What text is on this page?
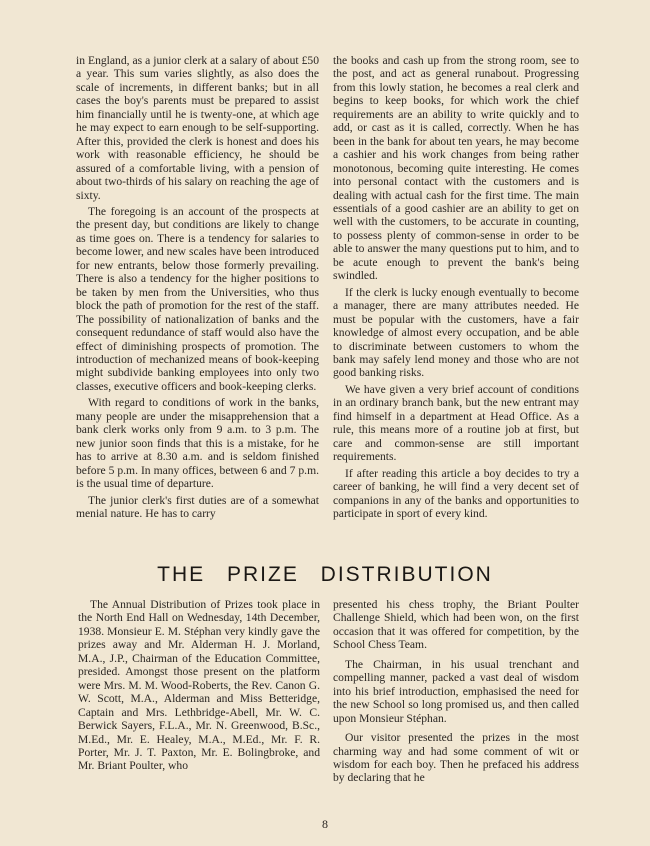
in England, as a junior clerk at a salary of about £50 a year. This sum varies slightly, as also does the scale of increments, in different banks; but in all cases the boy's parents must be prepared to assist him financially until he is twenty-one, at which age he may expect to earn enough to be self-supporting. After this, provided the clerk is honest and does his work with reasonable efficiency, he should be assured of a comfortable living, with a pension of about two-thirds of his salary on reaching the age of sixty.

The foregoing is an account of the prospects at the present day, but conditions are likely to change as time goes on. There is a tendency for salaries to become lower, and new scales have been introduced for new entrants, below those formerly prevailing. There is also a tendency for the higher positions to be taken by men from the Universities, who thus block the path of promotion for the rest of the staff. The possibility of nationalization of banks and the consequent redundance of staff would also have the effect of diminishing prospects of promotion. The introduction of mechanized means of book-keeping might subdivide banking employees into only two classes, executive officers and book-keeping clerks.

With regard to conditions of work in the banks, many people are under the misapprehension that a bank clerk works only from 9 a.m. to 3 p.m. The new junior soon finds that this is a mistake, for he has to arrive at 8.30 a.m. and is seldom finished before 5 p.m. In many offices, between 6 and 7 p.m. is the usual time of departure.

The junior clerk's first duties are of a somewhat menial nature. He has to carry

the books and cash up from the strong room, see to the post, and act as general runabout. Progressing from this lowly station, he becomes a real clerk and begins to keep books, for which work the chief requirements are an ability to write quickly and to add, or cast as it is called, correctly. When he has been in the bank for about ten years, he may become a cashier and his work changes from being rather monotonous, becoming quite interesting. He comes into personal contact with the customers and is dealing with actual cash for the first time. The main essentials of a good cashier are an ability to get on well with the customers, to be accurate in counting, to possess plenty of common-sense in order to be able to answer the many questions put to him, and to be acute enough to prevent the bank's being swindled.

If the clerk is lucky enough eventually to become a manager, there are many attributes needed. He must be popular with the customers, have a fair knowledge of almost every occupation, and be able to discriminate between customers to whom the bank may safely lend money and those who are not good banking risks.

We have given a very brief account of conditions in an ordinary branch bank, but the new entrant may find himself in a department at Head Office. As a rule, this means more of a routine job at first, but care and common-sense are still important requirements.

If after reading this article a boy decides to try a career of banking, he will find a very decent set of companions in any of the banks and opportunities to participate in sport of every kind.

THE PRIZE DISTRIBUTION

The Annual Distribution of Prizes took place in the North End Hall on Wednesday, 14th December, 1938. Monsieur E. M. Stéphan very kindly gave the prizes away and Mr. Alderman H. J. Morland, M.A., J.P., Chairman of the Education Committee, presided. Amongst those present on the platform were Mrs. M. M. Wood-Roberts, the Rev. Canon G. W. Scott, M.A., Alderman and Miss Betteridge, Captain and Mrs. Lethbridge-Abell, Mr. W. C. Berwick Sayers, F.L.A., Mr. N. Greenwood, B.Sc., M.Ed., Mr. E. Healey, M.A., M.Ed., Mr. F. R. Porter, Mr. J. T. Paxton, Mr. E. Bolingbroke, and Mr. Briant Poulter, who

presented his chess trophy, the Briant Poulter Challenge Shield, which had been won, on the first occasion that it was offered for competition, by the School Chess Team.

The Chairman, in his usual trenchant and compelling manner, packed a vast deal of wisdom into his brief introduction, emphasised the need for the new School so long promised us, and then called upon Monsieur Stéphan.

Our visitor presented the prizes in the most charming way and had some comment of wit or wisdom for each boy. Then he prefaced his address by declaring that he

8
